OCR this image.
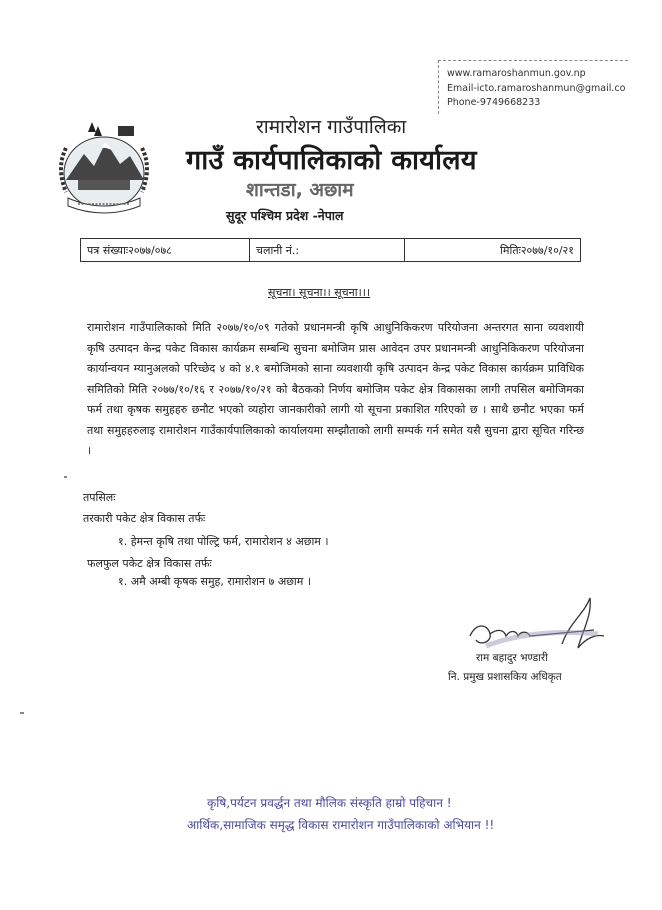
www.ramaroshanmun.gov.np
Email-icto.ramaroshanmun@gmail.co
Phone-9749668233
रामारोशन गाउँपालिका
गाउँ कार्यपालिकाको कार्यालय
शान्तडा, अछाम
सुदूर पश्चिम प्रदेश -नेपाल
पत्र संख्याः२०७७/०७८	चलानी नं.:	मितिः२०७७/१०/२१
सूचना। सूचना।। सूचना।।।
रामारोशन गाउँपालिकाको मिति २०७७/१०/०९ गतेको प्रधानमन्त्री कृषि आधुनिकिकरण परियोजना अन्तरगत साना व्यवशायी कृषि उत्पादन केन्द्र पकेट विकास कार्यक्रम सम्बन्धि सुचना बमोजिम प्रास आवेदन उपर प्रधानमन्त्री आधुनिकिकरण परियोजना कार्यान्वयन म्यानुअलको परिच्छेद ४ को ४.१ बमोजिमको साना व्यवशायी कृषि उत्पादन केन्द्र पकेट विकास कार्यक्रम प्राविधिक समितिको मिति २०७७/१०/१६ र २०७७/१०/२१ को बैठकको निर्णय बमोजिम पकेट क्षेत्र विकासका लागी तपसिल बमोजिमका फर्म तथा कृषक समुहहरु छनौट भएको व्यहोरा जानकारीको लागी यो सूचना प्रकाशित गरिएको छ । साथै छनौट भएका फर्म तथा समुहहरुलाइ रामारोशन गाउँकार्यपालिकाको कार्यालयमा सम्झौताको लागी सम्पर्क गर्न समेत यसै सुचना द्वारा सूचित गरिन्छ ।
तपसिलः
तरकारी पकेट क्षेत्र विकास तर्फः
१. हेमन्त कृषि तथा पोल्ट्रि फर्म, रामारोशन ४ अछाम ।
फलफुल पकेट क्षेत्र विकास तर्फः
१. अमै अम्बी कृषक समुह, रामारोशन ७ अछाम ।
राम बहादुर भण्डारी
नि. प्रमुख प्रशासकिय अधिकृत
कृषि,पर्यटन प्रवर्द्धन तथा मौलिक संस्कृति हाम्रो पहिचान !
आर्थिक,सामाजिक समृद्ध विकास रामारोशन गाउँपालिकाको अभियान !!
